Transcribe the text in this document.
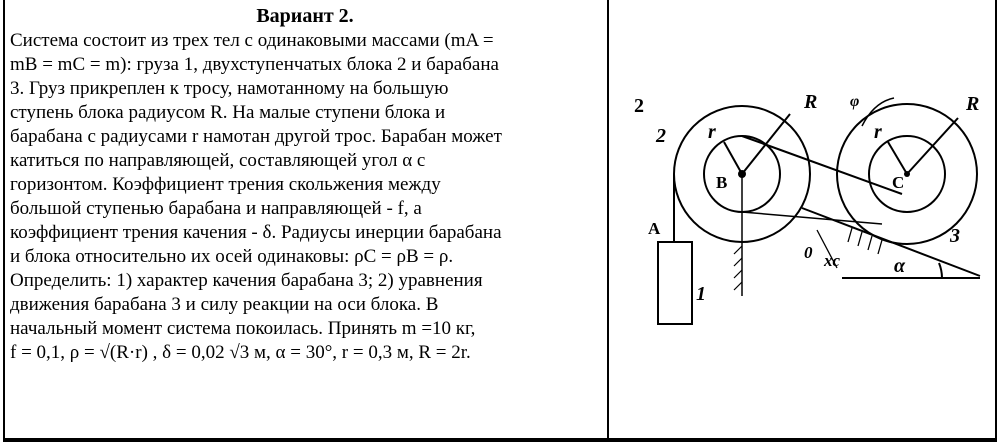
Вариант 2.
Система состоит из трех тел с одинаковыми массами (mA =
mB = mC = m): груза 1, двухступенчатых блока 2 и барабана
3. Груз прикреплен к тросу, намотанному на большую
ступень блока радиусом R. На малые ступени блока и
барабана с радиусами r намотан другой трос. Барабан может
катиться по направляющей, составляющей угол α с
горизонтом. Коэффициент трения скольжения между
большой ступенью барабана и направляющей - f, а
коэффициент трения качения - δ. Радиусы инерции барабана
и блока относительно их осей одинаковы: ρC = ρB = ρ.
Определить: 1) характер качения барабана 3; 2) уравнения
движения барабана 3 и силу реакции на оси блока. В
начальный момент система покоилась. Принять m =10 кг,
f = 0,1, ρ = √(R·r) , δ = 0,02 √3 м, α = 30°, r = 0,3 м, R = 2r.
2
2
R
r
B
A
1
R
r
C
3
α
0 xc
φ
